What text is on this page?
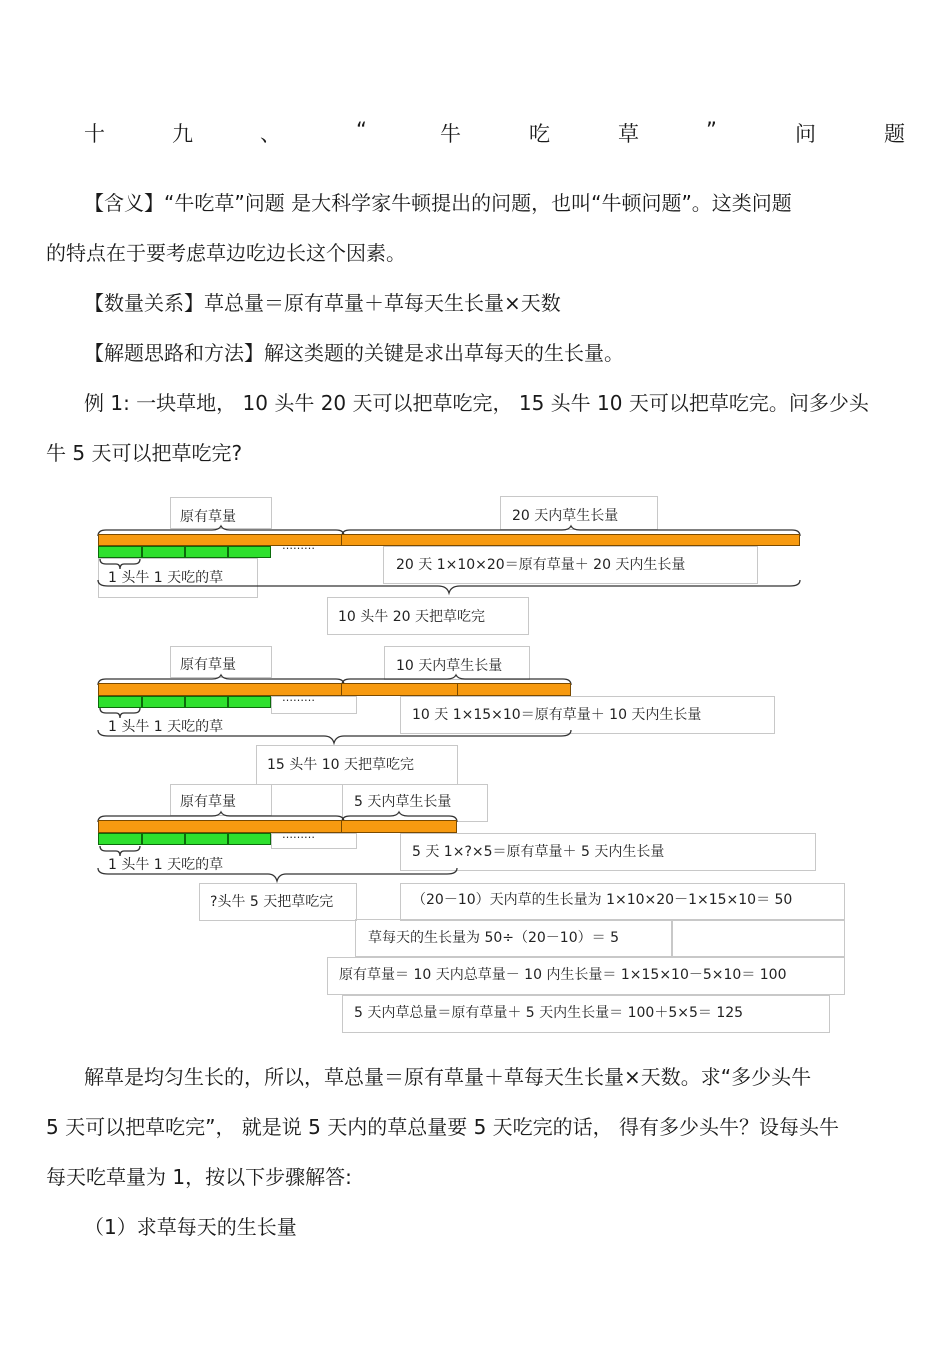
十	九	、	“	牛	吃	草	”	问	题
【含义】“牛吃草”问题 是大科学家牛顿提出的问题，也叫“牛顿问题”。这类问题
的特点在于要考虑草边吃边长这个因素。
【数量关系】草总量＝原有草量＋草每天生长量×天数
【解题思路和方法】解这类题的关键是求出草每天的生长量。
例 1: 一块草地， 10 头牛 20 天可以把草吃完， 15 头牛 10 天可以把草吃完。问多少头
牛 5 天可以把草吃完?
原有草量	20 天内草生长量
………
1 头牛 1 天吃的草
20 天 1×10×20＝原有草量＋ 20 天内生长量
10 头牛 20 天把草吃完
原有草量	10 天内草生长量
………
1 头牛 1 天吃的草
10 天 1×15×10＝原有草量＋ 10 天内生长量
15 头牛 10 天把草吃完
原有草量	5 天内草生长量
………
1 头牛 1 天吃的草
5 天 1×?×5＝原有草量＋ 5 天内生长量
?头牛 5 天把草吃完	（20－10）天内草的生长量为 1×10×20－1×15×10＝ 50
草每天的生长量为 50÷（20－10）＝ 5
原有草量＝ 10 天内总草量－ 10 内生长量＝ 1×15×10－5×10＝ 100
5 天内草总量＝原有草量＋ 5 天内生长量＝ 100＋5×5＝ 125
解草是均匀生长的，所以，草总量＝原有草量＋草每天生长量×天数。求“多少头牛
5 天可以把草吃完”， 就是说 5 天内的草总量要 5 天吃完的话， 得有多少头牛？设每头牛
每天吃草量为 1，按以下步骤解答:
（1）求草每天的生长量
